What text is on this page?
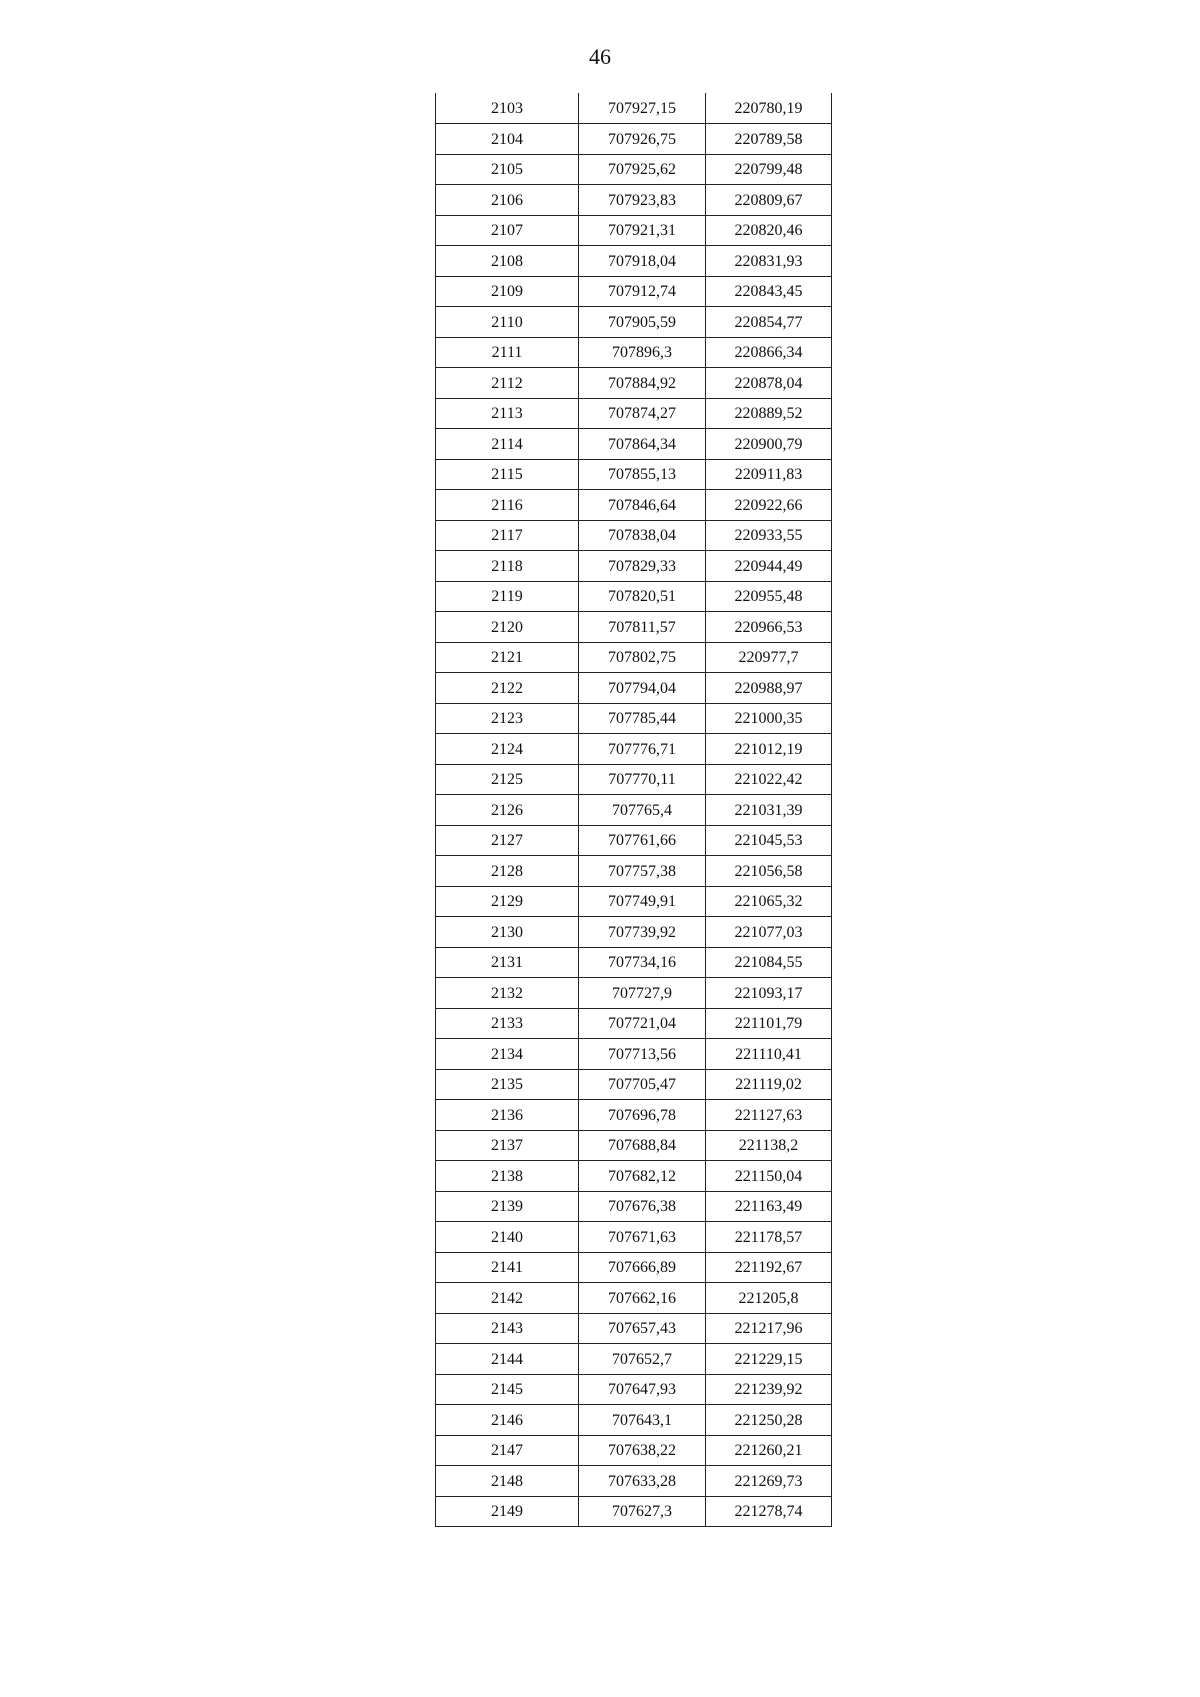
46
2103	707927,15	220780,19
2104	707926,75	220789,58
2105	707925,62	220799,48
2106	707923,83	220809,67
2107	707921,31	220820,46
2108	707918,04	220831,93
2109	707912,74	220843,45
2110	707905,59	220854,77
2111	707896,3	220866,34
2112	707884,92	220878,04
2113	707874,27	220889,52
2114	707864,34	220900,79
2115	707855,13	220911,83
2116	707846,64	220922,66
2117	707838,04	220933,55
2118	707829,33	220944,49
2119	707820,51	220955,48
2120	707811,57	220966,53
2121	707802,75	220977,7
2122	707794,04	220988,97
2123	707785,44	221000,35
2124	707776,71	221012,19
2125	707770,11	221022,42
2126	707765,4	221031,39
2127	707761,66	221045,53
2128	707757,38	221056,58
2129	707749,91	221065,32
2130	707739,92	221077,03
2131	707734,16	221084,55
2132	707727,9	221093,17
2133	707721,04	221101,79
2134	707713,56	221110,41
2135	707705,47	221119,02
2136	707696,78	221127,63
2137	707688,84	221138,2
2138	707682,12	221150,04
2139	707676,38	221163,49
2140	707671,63	221178,57
2141	707666,89	221192,67
2142	707662,16	221205,8
2143	707657,43	221217,96
2144	707652,7	221229,15
2145	707647,93	221239,92
2146	707643,1	221250,28
2147	707638,22	221260,21
2148	707633,28	221269,73
2149	707627,3	221278,74
